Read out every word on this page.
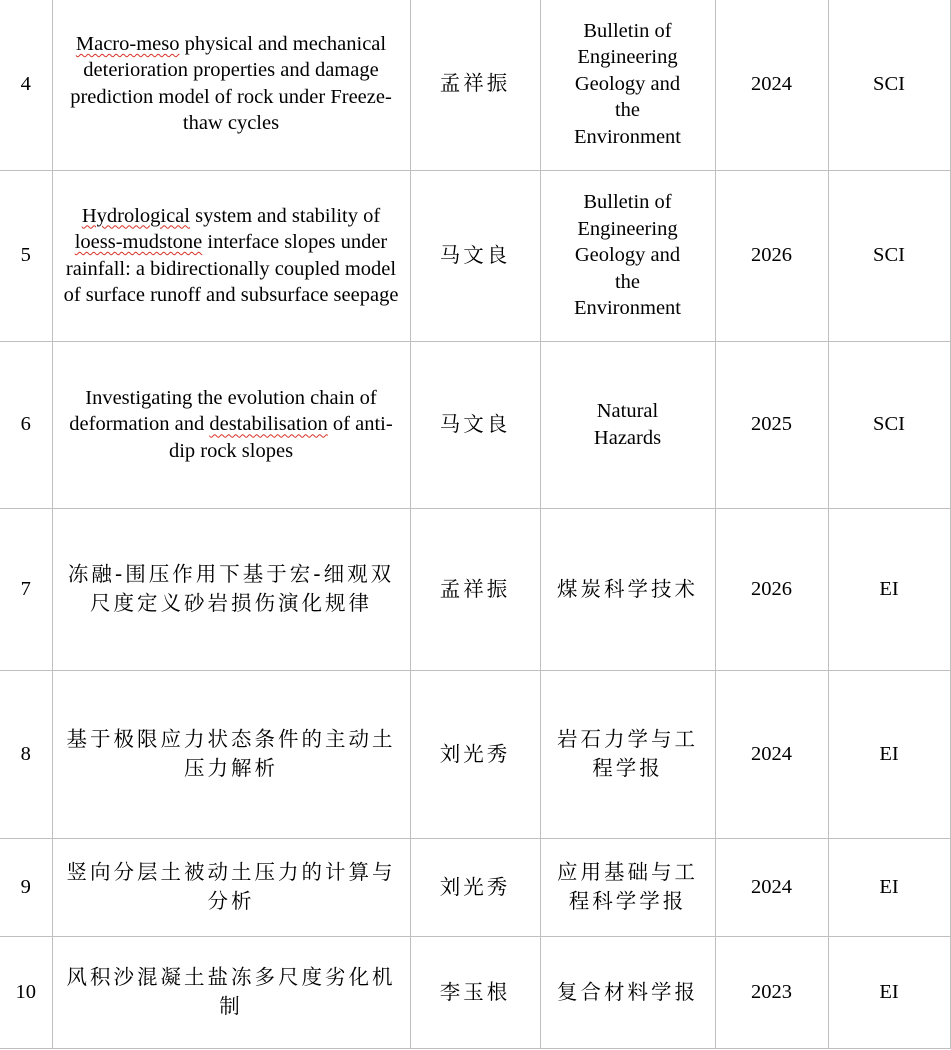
4	Macro-meso physical and mechanical deterioration properties and damage prediction model of rock under Freeze-thaw cycles	孟祥振	Bulletin of Engineering Geology and the Environment	2024	SCI
5	Hydrological system and stability of loess-mudstone interface slopes under rainfall: a bidirectionally coupled model of surface runoff and subsurface seepage	马文良	Bulletin of Engineering Geology and the Environment	2026	SCI
6	Investigating the evolution chain of deformation and destabilisation of anti-dip rock slopes	马文良	Natural Hazards	2025	SCI
7	冻融-围压作用下基于宏-细观双尺度定义砂岩损伤演化规律	孟祥振	煤炭科学技术	2026	EI
8	基于极限应力状态条件的主动土压力解析	刘光秀	岩石力学与工程学报	2024	EI
9	竖向分层土被动土压力的计算与分析	刘光秀	应用基础与工程科学学报	2024	EI
10	风积沙混凝土盐冻多尺度劣化机制	李玉根	复合材料学报	2023	EI
